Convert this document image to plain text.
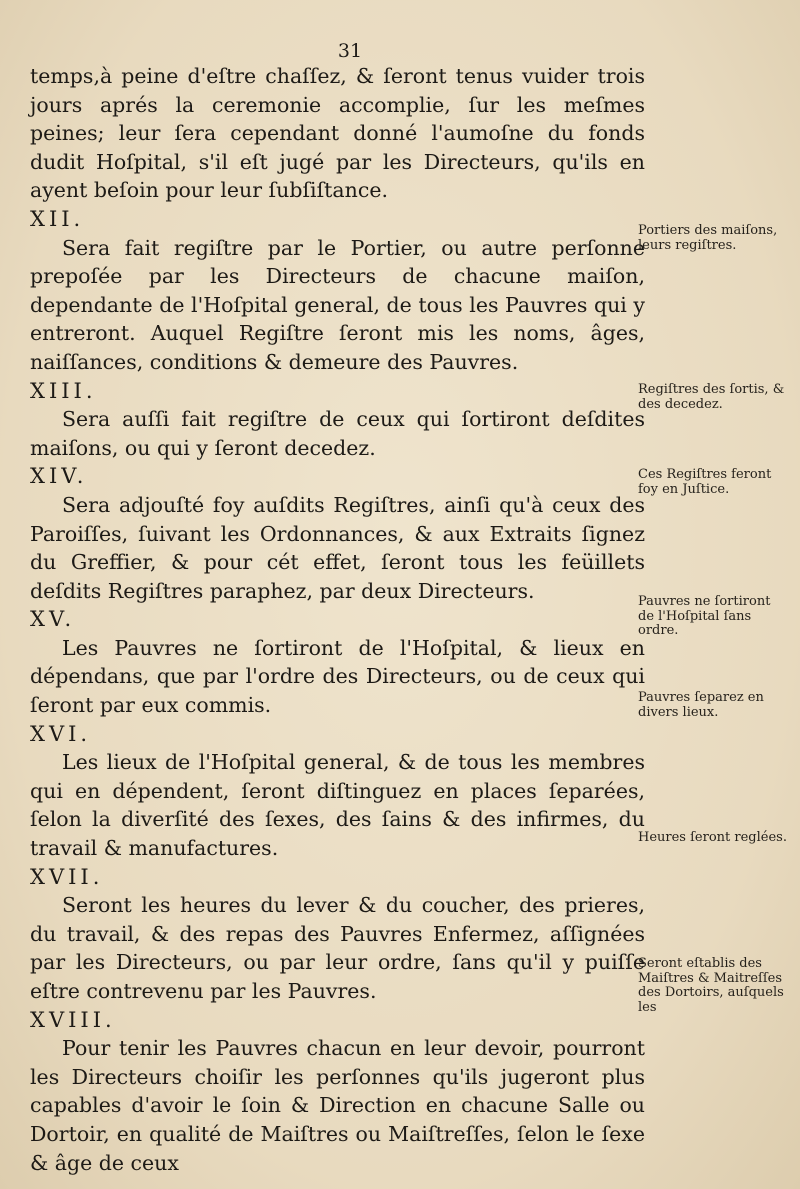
31

temps,à peine d'eſtre chaſſez, & ſeront tenus vuider trois jours aprés la ceremonie accomplie, ſur les meſmes peines; leur ſera cependant donné l'aumoſne du fonds dudit Hoſpital, s'il eſt jugé par les Directeurs, qu'ils en ayent beſoin pour leur ſubſiſtance.

XII.

Sera fait regiſtre par le Portier, ou autre perſonne prepoſée par les Directeurs de chacune maiſon, dependante de l'Hoſpital general, de tous les Pauvres qui y entreront. Auquel Regiſtre ſeront mis les noms, âges, naiſſances, conditions & demeure des Pauvres.

XIII.

Sera auſſi fait regiſtre de ceux qui ſortiront deſdites maiſons, ou qui y ſeront decedez.

XIV.

Sera adjouſté foy auſdits Regiſtres, ainſi qu'à ceux des Paroiſſes, ſuivant les Ordonnances, & aux Extraits ſignez du Greffier, & pour cét effet, ſeront tous les feüillets deſdits Regiſtres paraphez, par deux Directeurs.

XV.

Les Pauvres ne ſortiront de l'Hoſpital, & lieux en dépendans, que par l'ordre des Directeurs, ou de ceux qui ſeront par eux commis.

XVI.

Les lieux de l'Hoſpital general, & de tous les membres qui en dépendent, ſeront diſtinguez en places ſeparées, ſelon la diverſité des ſexes, des ſains & des infirmes, du travail & manufactures.

XVII.

Seront les heures du lever & du coucher, des prieres, du travail, & des repas des Pauvres Enfermez, aſſignées par les Directeurs, ou par leur ordre, ſans qu'il y puiſſe eſtre contrevenu par les Pauvres.

XVIII.

Pour tenir les Pauvres chacun en leur devoir, pourront les Directeurs choiſir les perſonnes qu'ils jugeront plus capables d'avoir le ſoin & Direction en chacune Salle ou Dortoir, en qualité de Maiſtres ou Maiſtreſſes, ſelon le ſexe & âge de ceux

Portiers des maiſons, leurs regiſtres.
Regiſtres des ſortis, & des decedez.
Ces Regiſtres feront foy en Juſtice.
Pauvres ne ſortiront de l'Hoſpital ſans ordre.
Pauvres ſeparez en divers lieux.
Heures ſeront reglées.
Seront eſtablis des Maiſtres & Maitreſſes des Dortoirs, auſquels les
